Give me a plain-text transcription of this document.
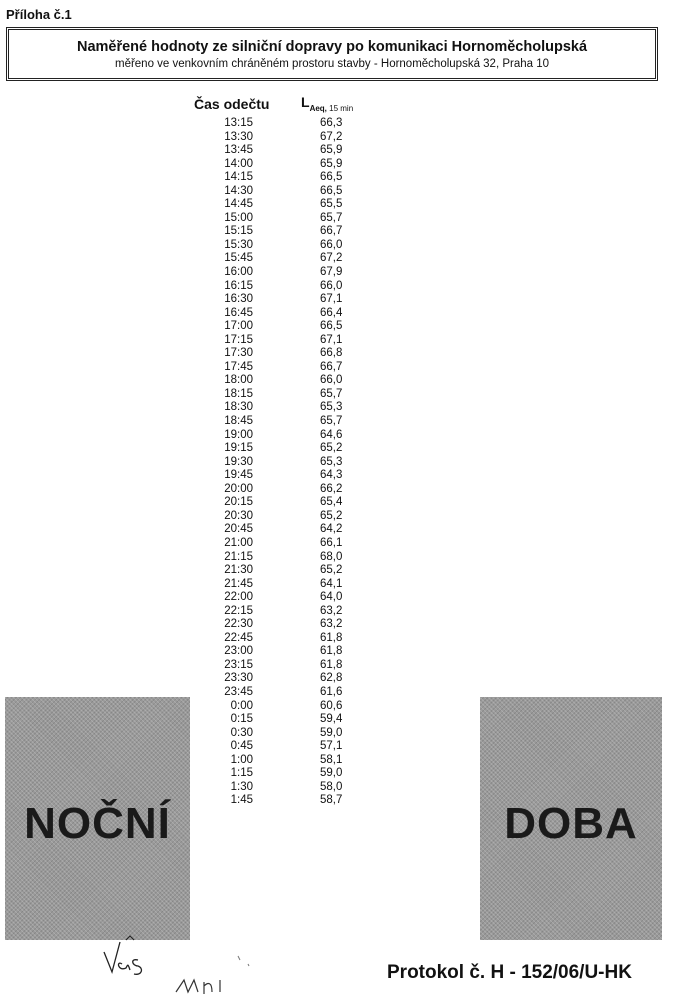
Příloha č.1
Naměřené hodnoty ze silniční dopravy po komunikaci Hornoměcholupská
měřeno ve venkovním chráněném prostoru stavby - Hornoměcholupská 32, Praha 10
Čas odečtu $L_{Aeq,}$ $_{15 min}$
13:15	66,3
13:30	67,2
13:45	65,9
14:00	65,9
14:15	66,5
14:30	66,5
14:45	65,5
15:00	65,7
15:15	66,7
15:30	66,0
15:45	67,2
16:00	67,9
16:15	66,0
16:30	67,1
16:45	66,4
17:00	66,5
17:15	67,1
17:30	66,8
17:45	66,7
18:00	66,0
18:15	65,7
18:30	65,3
18:45	65,7
19:00	64,6
19:15	65,2
19:30	65,3
19:45	64,3
20:00	66,2
20:15	65,4
20:30	65,2
20:45	64,2
21:00	66,1
21:15	68,0
21:30	65,2
21:45	64,1
22:00	64,0
22:15	63,2
22:30	63,2
22:45	61,8
23:00	61,8
23:15	61,8
23:30	62,8
23:45	61,6
0:00	60,6
0:15	59,4
0:30	59,0
0:45	57,1
1:00	58,1
1:15	59,0
1:30	58,0
1:45	58,7
NOČNÍ	DOBA
Protokol č. H - 152/06/U-HK
